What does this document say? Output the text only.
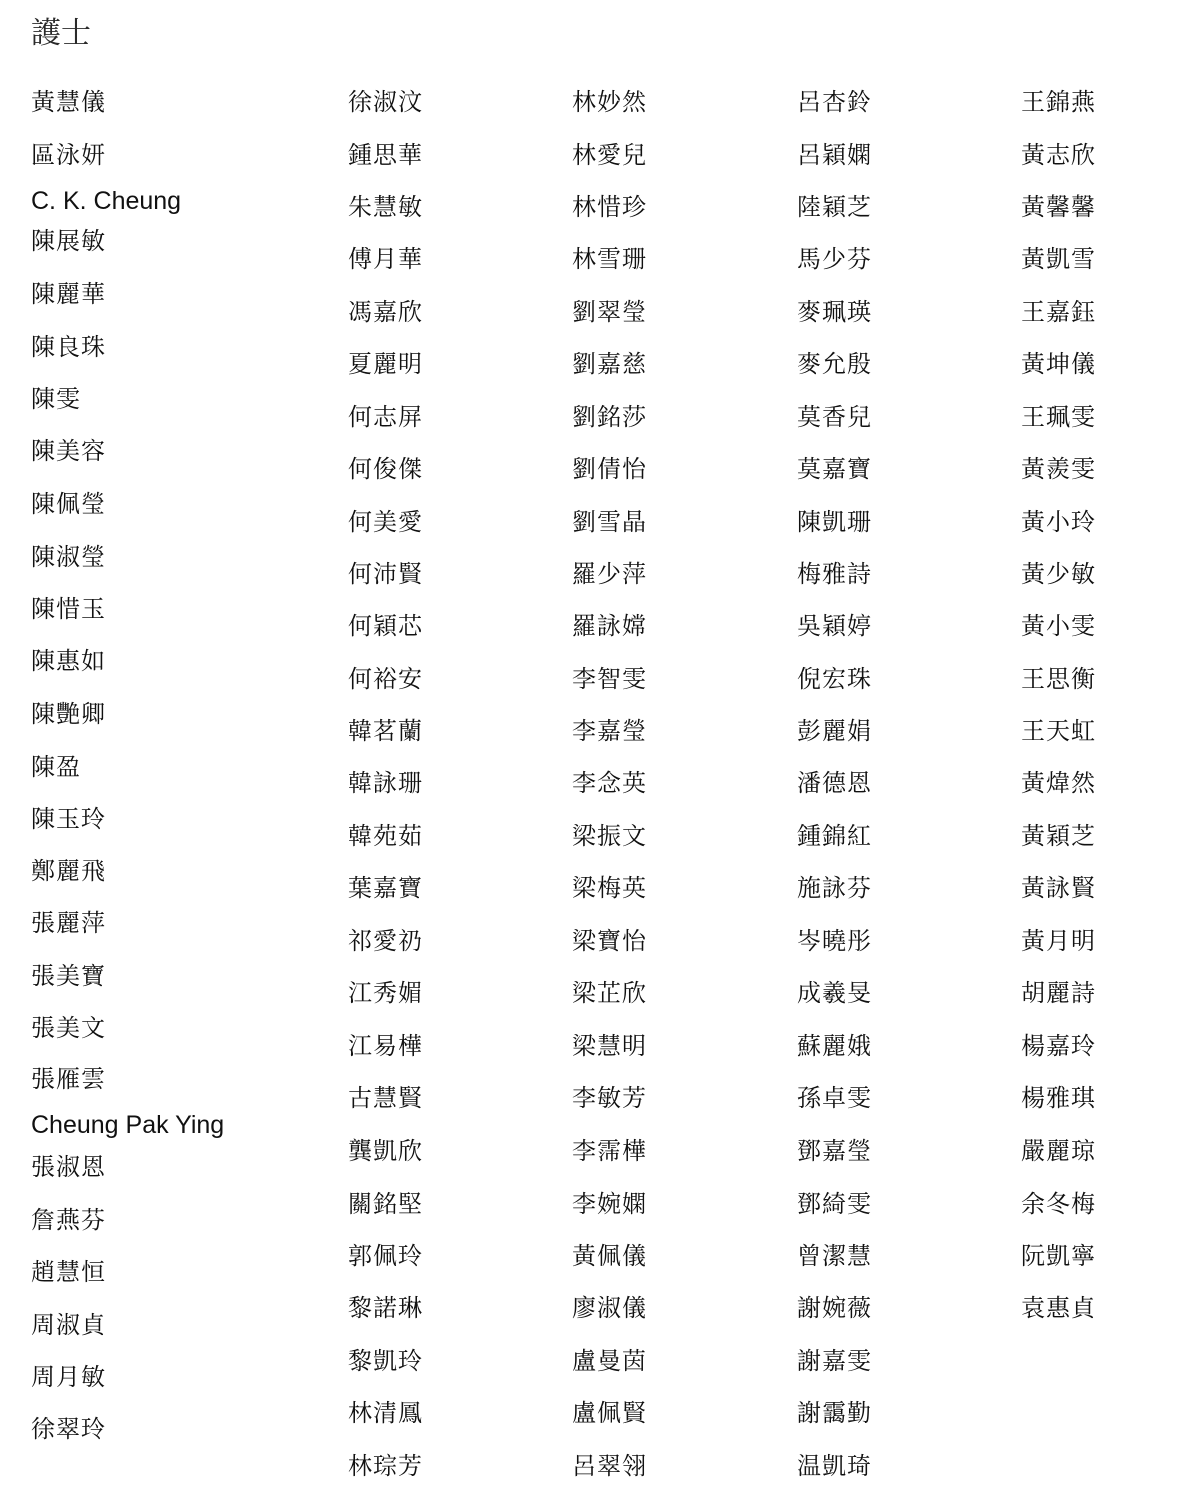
護士
黃慧儀
區泳妍
C. K. Cheung
陳展敏
陳麗華
陳良珠
陳雯
陳美容
陳佩瑩
陳淑瑩
陳惜玉
陳惠如
陳艷卿
陳盈
陳玉玲
鄭麗飛
張麗萍
張美寶
張美文
張雁雲
Cheung Pak Ying
張淑恩
詹燕芬
趙慧恒
周淑貞
周月敏
徐翠玲
徐淑汶
鍾思華
朱慧敏
傅月華
馮嘉欣
夏麗明
何志屏
何俊傑
何美愛
何沛賢
何穎芯
何裕安
韓茗蘭
韓詠珊
韓苑茹
葉嘉寶
祁愛礽
江秀媚
江易樺
古慧賢
龔凱欣
關銘堅
郭佩玲
黎諾琳
黎凱玲
林清鳳
林琮芳
林妙然
林愛兒
林惜珍
林雪珊
劉翠瑩
劉嘉慈
劉銘莎
劉倩怡
劉雪晶
羅少萍
羅詠嫦
李智雯
李嘉瑩
李念英
梁振文
梁梅英
梁寶怡
梁芷欣
梁慧明
李敏芳
李霈樺
李婉嫻
黃佩儀
廖淑儀
盧曼茵
盧佩賢
呂翠翎
呂杏鈴
呂穎嫻
陸穎芝
馬少芬
麥珮瑛
麥允殷
莫香兒
莫嘉寶
陳凱珊
梅雅詩
吳穎婷
倪宏珠
彭麗娟
潘德恩
鍾錦紅
施詠芬
岑曉彤
成羲旻
蘇麗娥
孫卓雯
鄧嘉瑩
鄧綺雯
曾潔慧
謝婉薇
謝嘉雯
謝靄勤
温凱琦
王錦燕
黃志欣
黃馨馨
黃凱雪
王嘉鈺
黃坤儀
王珮雯
黃羨雯
黃小玲
黃少敏
黃小雯
王思衡
王天虹
黃煒然
黃穎芝
黃詠賢
黃月明
胡麗詩
楊嘉玲
楊雅琪
嚴麗琼
余冬梅
阮凱寧
袁惠貞
